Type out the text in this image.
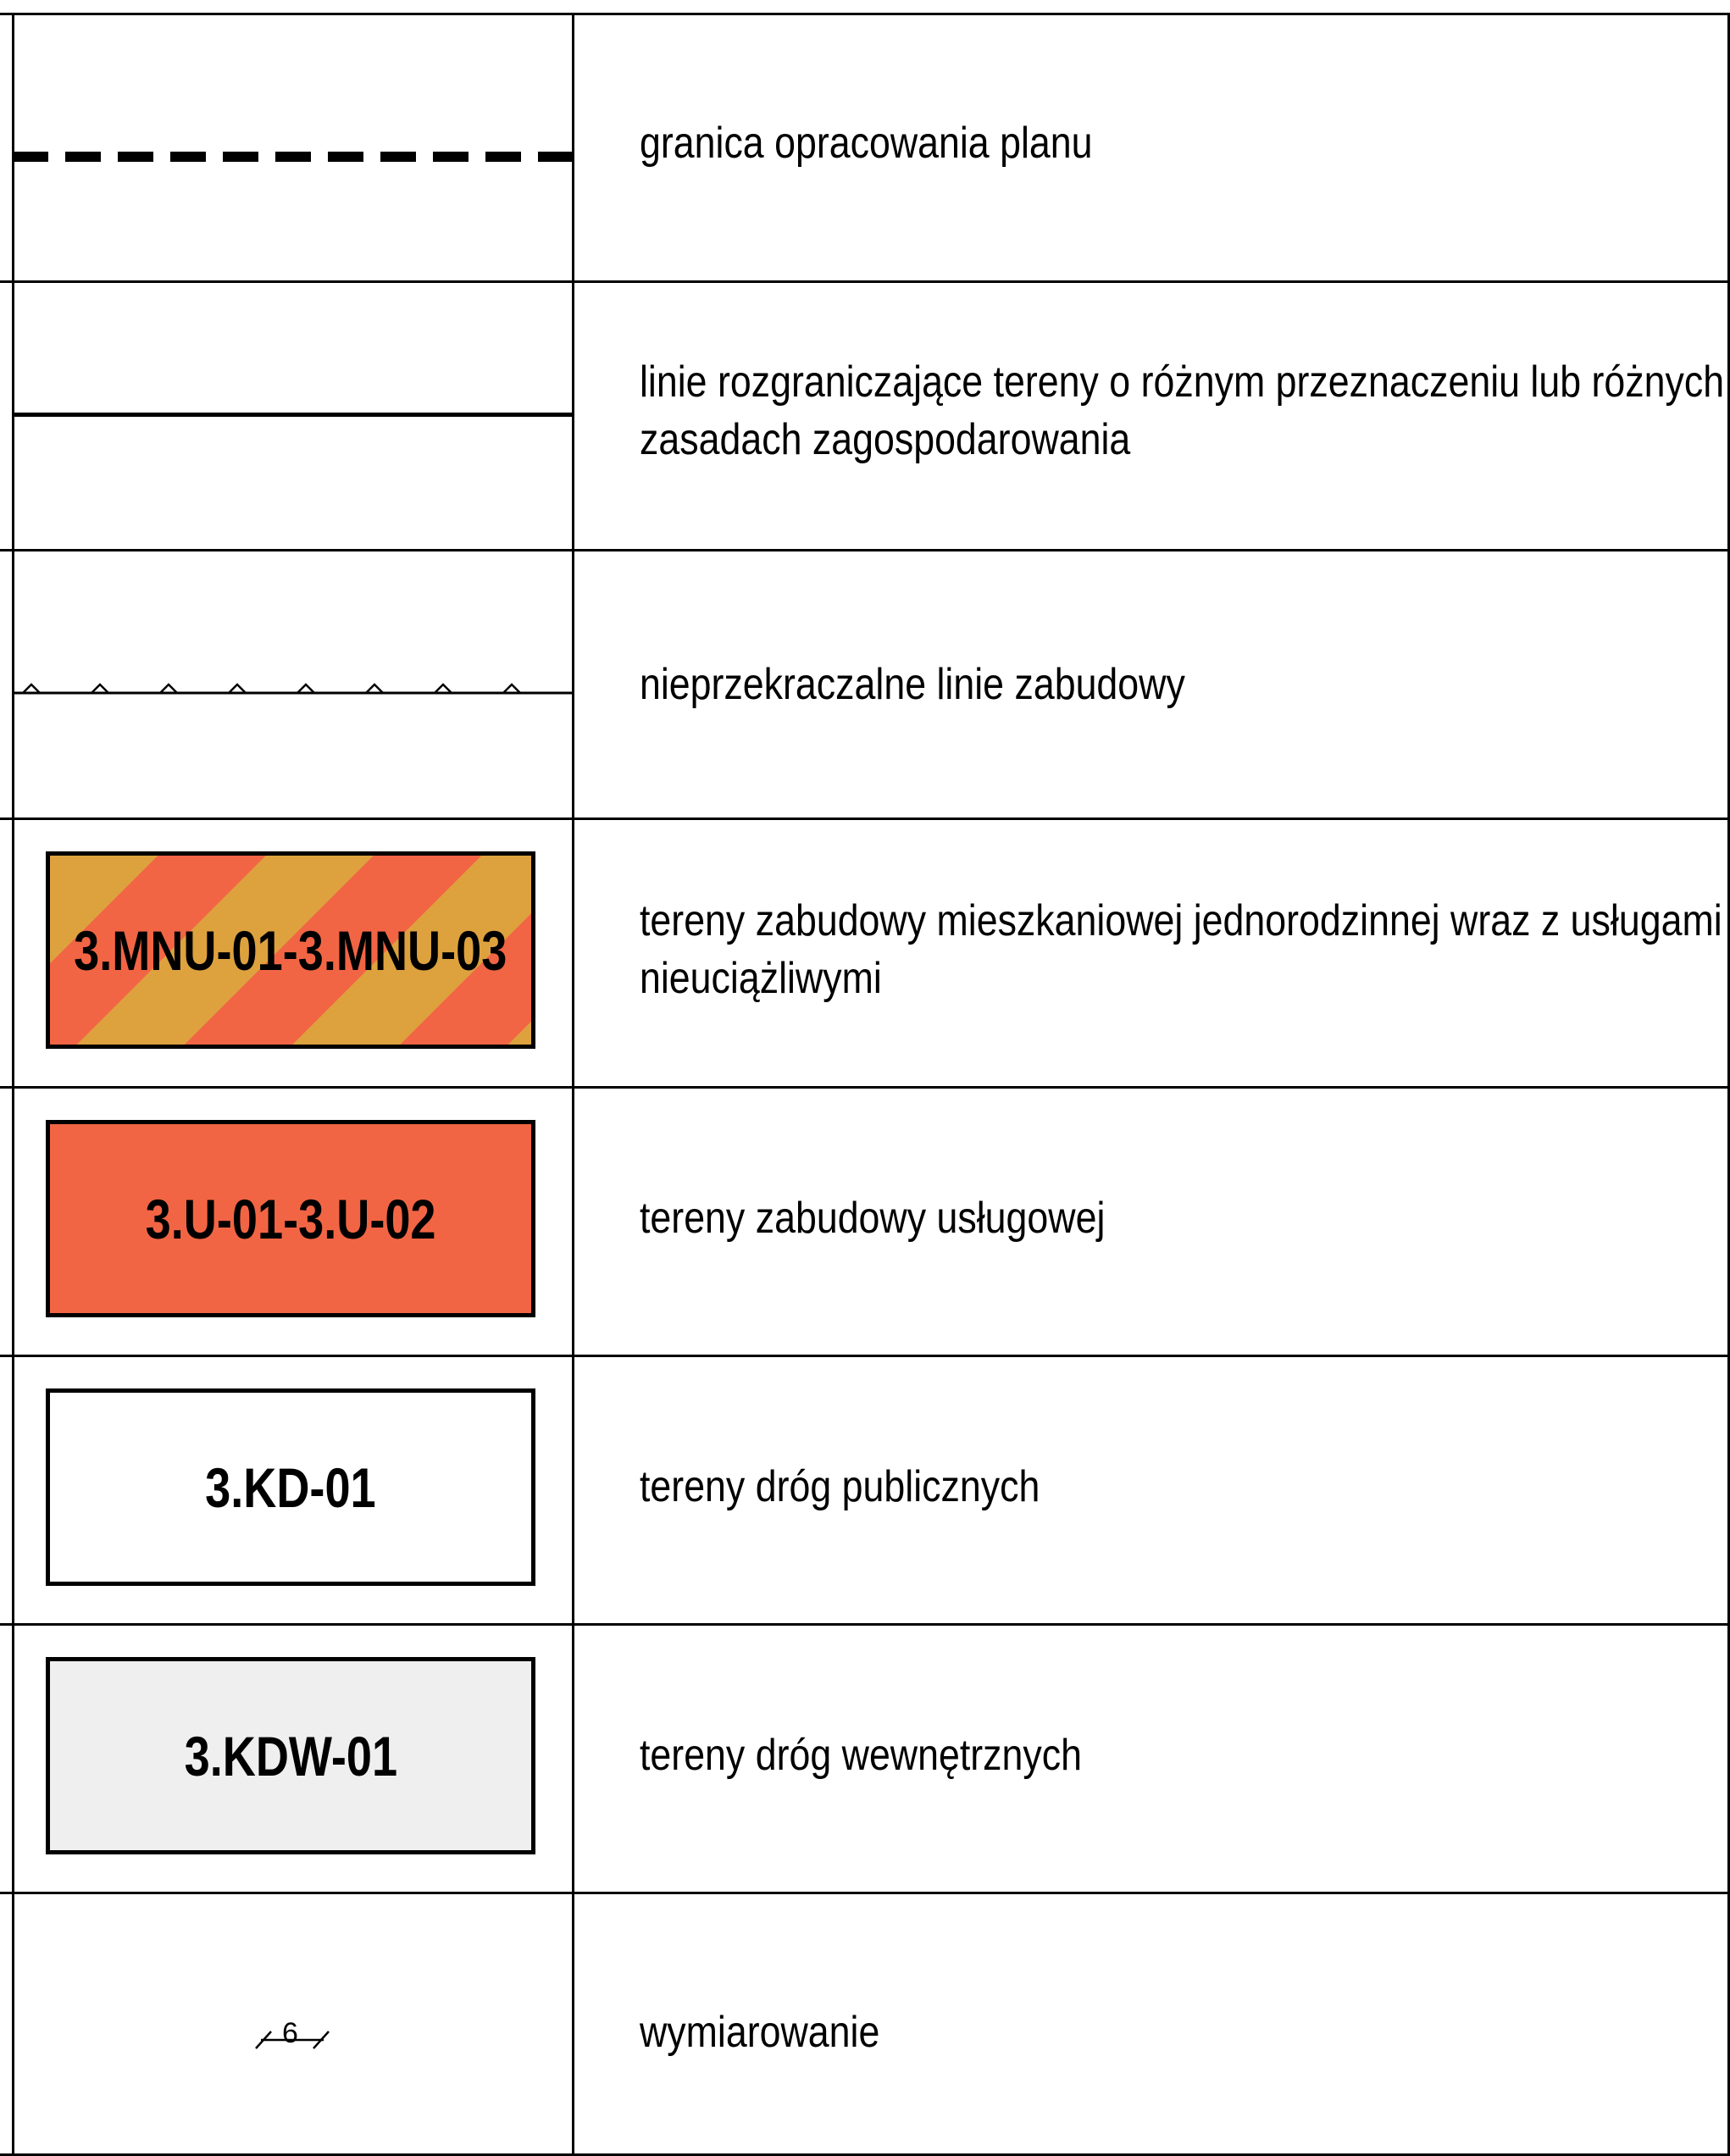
granica opracowania planu
linie rozgraniczające tereny o różnym przeznaczeniu lub różnych
zasadach zagospodarowania
nieprzekraczalne linie zabudowy
3.MNU-01-3.MNU-03	tereny zabudowy mieszkaniowej jednorodzinnej wraz z usługami
nieuciążliwymi
3.U-01-3.U-02	tereny zabudowy usługowej
3.KD-01	tereny dróg publicznych
3.KDW-01	tereny dróg wewnętrznych
6	wymiarowanie
